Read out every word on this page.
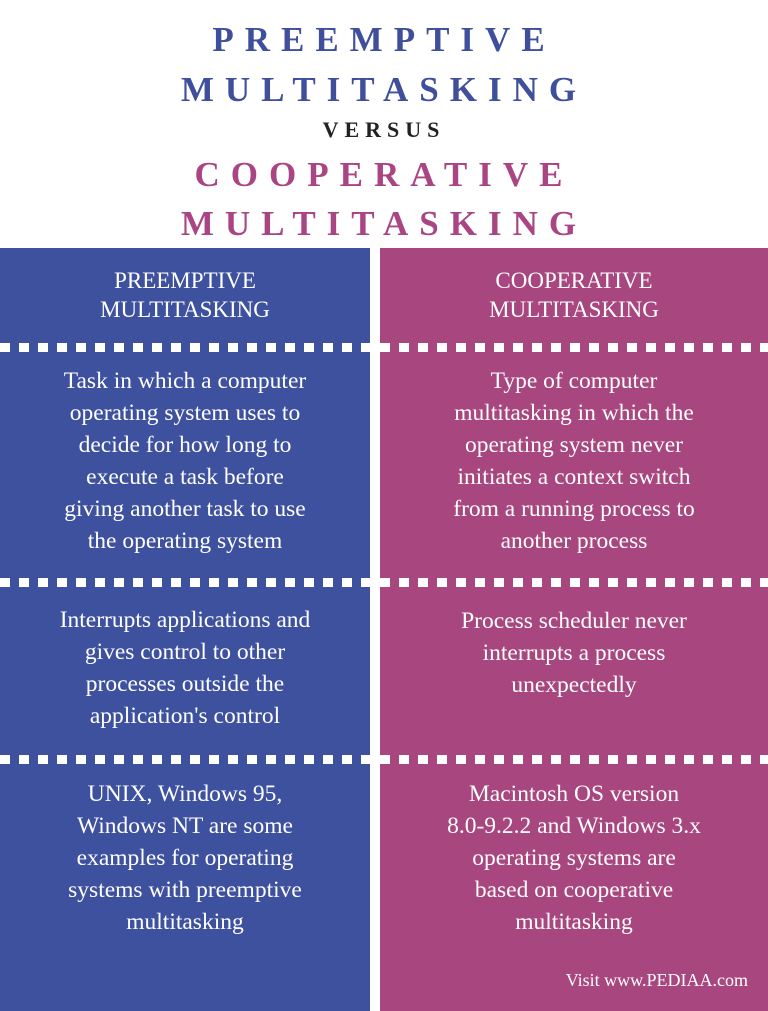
PREEMPTIVE
MULTITASKING
VERSUS
COOPERATIVE
MULTITASKING
PREEMPTIVE
MULTITASKING
Task in which a computer
operating system uses to
decide for how long to
execute a task before
giving another task to use
the operating system
Interrupts applications and
gives control to other
processes outside the
application's control
UNIX, Windows 95,
Windows NT are some
examples for operating
systems with preemptive
multitasking
COOPERATIVE
MULTITASKING
Type of computer
multitasking in which the
operating system never
initiates a context switch
from a running process to
another process
Process scheduler never
interrupts a process
unexpectedly
Macintosh OS version
8.0-9.2.2 and Windows 3.x
operating systems are
based on cooperative
multitasking
Visit www.PEDIAA.com
